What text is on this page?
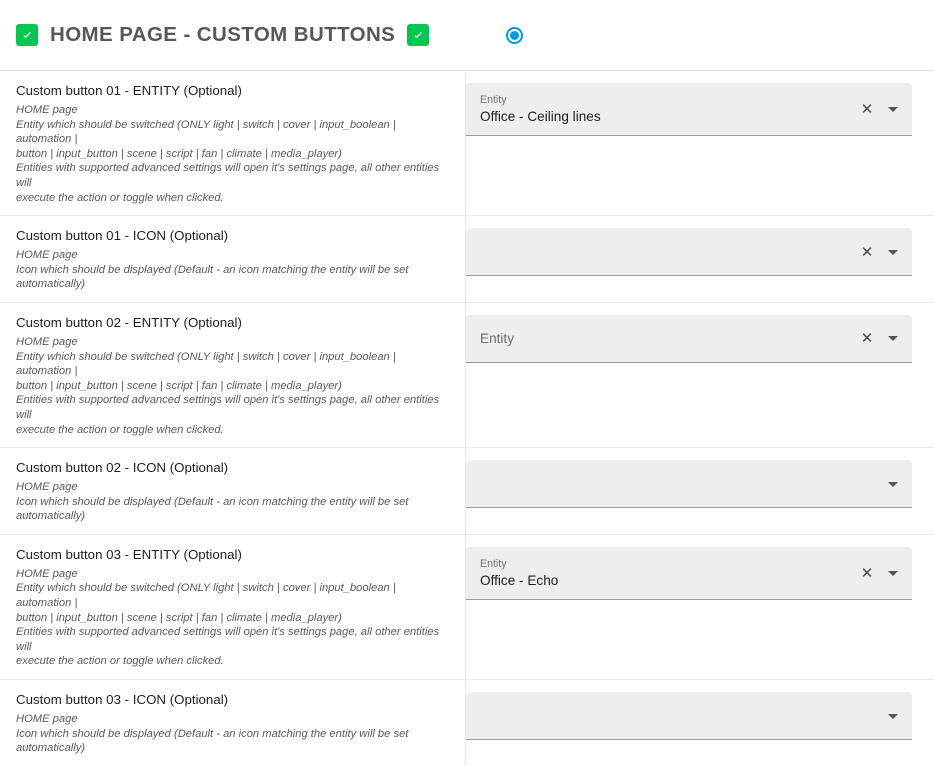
HOME PAGE - CUSTOM BUTTONS
Custom button 01 - ENTITY (Optional)
HOME page
Entity which should be switched (ONLY light | switch | cover | input_boolean | automation |
button | input_button | scene | script | fan | climate | media_player)
Entities with supported advanced settings will open it's settings page, all other entities will
execute the action or toggle when clicked.
Entity
Office - Ceiling lines	✕
Custom button 01 - ICON (Optional)
HOME page
Icon which should be displayed (Default - an icon matching the entity will be set
automatically)
✕
Custom button 02 - ENTITY (Optional)
HOME page
Entity which should be switched (ONLY light | switch | cover | input_boolean | automation |
button | input_button | scene | script | fan | climate | media_player)
Entities with supported advanced settings will open it's settings page, all other entities will
execute the action or toggle when clicked.
Entity	✕
Custom button 02 - ICON (Optional)
HOME page
Icon which should be displayed (Default - an icon matching the entity will be set
automatically)
Custom button 03 - ENTITY (Optional)
HOME page
Entity which should be switched (ONLY light | switch | cover | input_boolean | automation |
button | input_button | scene | script | fan | climate | media_player)
Entities with supported advanced settings will open it's settings page, all other entities will
execute the action or toggle when clicked.
Entity
Office - Echo	✕
Custom button 03 - ICON (Optional)
HOME page
Icon which should be displayed (Default - an icon matching the entity will be set
automatically)
